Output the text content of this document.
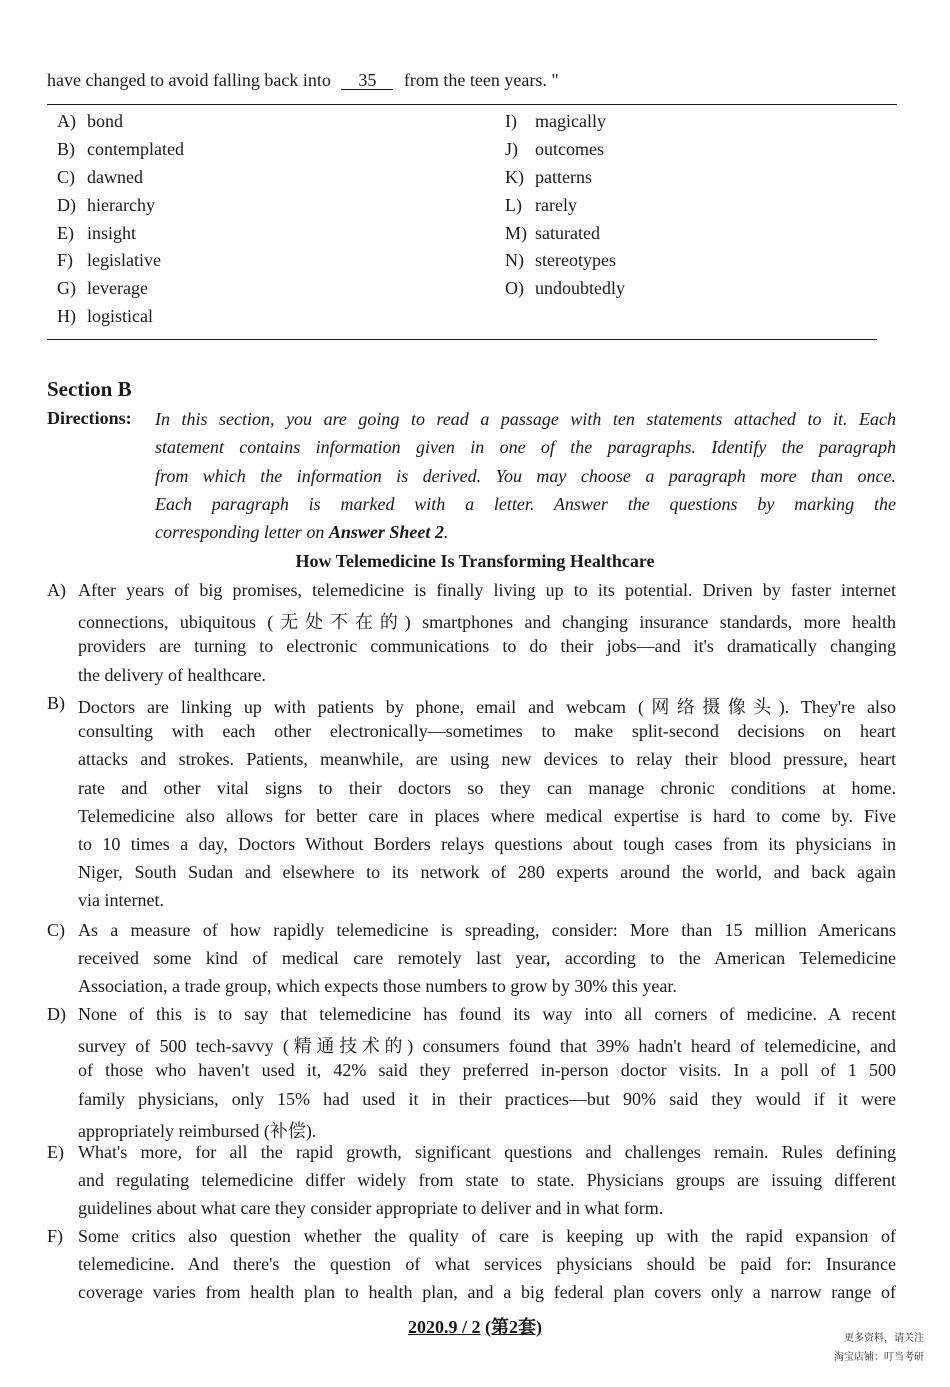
have changed to avoid falling back into 35 from the teen years. "
A) bond
B) contemplated
C) dawned
D) hierarchy
E) insight
F) legislative
G) leverage
H) logistical
I) magically
J) outcomes
K) patterns
L) rarely
M) saturated
N) stereotypes
O) undoubtedly
Section B
Directions: In this section, you are going to read a passage with ten statements attached to it. Each
statement contains information given in one of the paragraphs. Identify the paragraph
from which the information is derived. You may choose a paragraph more than once.
Each paragraph is marked with a letter. Answer the questions by marking the
corresponding letter on Answer Sheet 2.
How Telemedicine Is Transforming Healthcare
A) After years of big promises, telemedicine is finally living up to its potential. Driven by faster internet
connections, ubiquitous (无处不在的) smartphones and changing insurance standards, more health
providers are turning to electronic communications to do their jobs—and it's dramatically changing
the delivery of healthcare.
B) Doctors are linking up with patients by phone, email and webcam (网络摄像头). They're also
consulting with each other electronically—sometimes to make split-second decisions on heart
attacks and strokes. Patients, meanwhile, are using new devices to relay their blood pressure, heart
rate and other vital signs to their doctors so they can manage chronic conditions at home.
Telemedicine also allows for better care in places where medical expertise is hard to come by. Five
to 10 times a day, Doctors Without Borders relays questions about tough cases from its physicians in
Niger, South Sudan and elsewhere to its network of 280 experts around the world, and back again
via internet.
C) As a measure of how rapidly telemedicine is spreading, consider: More than 15 million Americans
received some kind of medical care remotely last year, according to the American Telemedicine
Association, a trade group, which expects those numbers to grow by 30% this year.
D) None of this is to say that telemedicine has found its way into all corners of medicine. A recent
survey of 500 tech-savvy (精通技术的) consumers found that 39% hadn't heard of telemedicine, and
of those who haven't used it, 42% said they preferred in-person doctor visits. In a poll of 1 500
family physicians, only 15% had used it in their practices—but 90% said they would if it were
appropriately reimbursed (补偿).
E) What's more, for all the rapid growth, significant questions and challenges remain. Rules defining
and regulating telemedicine differ widely from state to state. Physicians groups are issuing different
guidelines about what care they consider appropriate to deliver and in what form.
F) Some critics also question whether the quality of care is keeping up with the rapid expansion of
telemedicine. And there's the question of what services physicians should be paid for: Insurance
coverage varies from health plan to health plan, and a big federal plan covers only a narrow range of
2020.9 / 2 (第2套)
更多资料，请关注
淘宝店铺：叮当考研
